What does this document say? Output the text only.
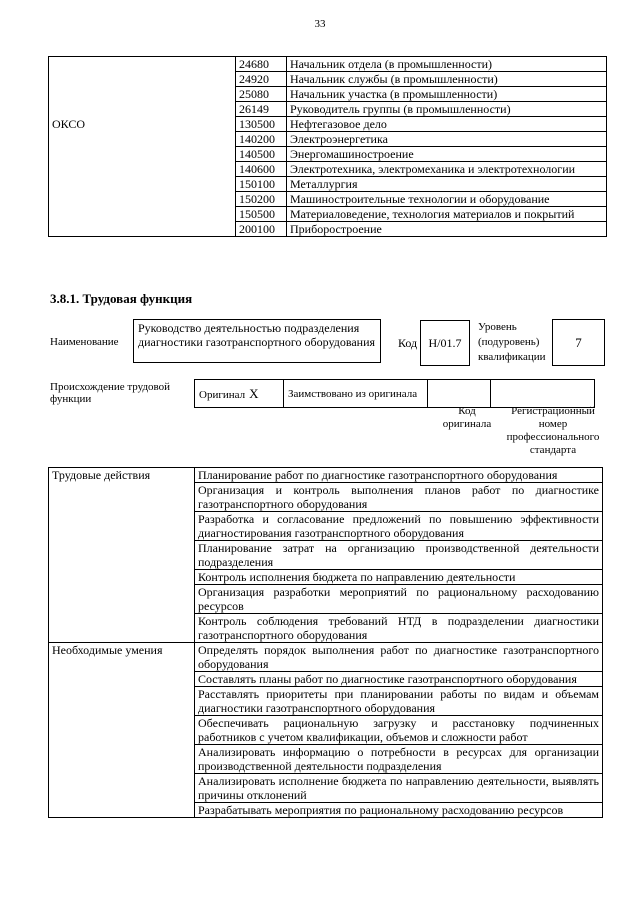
33
	24680	Начальник отдела (в промышленности)
	24920	Начальник службы (в промышленности)
	25080	Начальник участка (в промышленности)
	26149	Руководитель группы (в промышленности)
ОКСО	130500	Нефтегазовое дело
	140200	Электроэнергетика
	140500	Энергомашиностроение
	140600	Электротехника, электромеханика и электротехнологии
	150100	Металлургия
	150200	Машиностроительные технологии и оборудование
	150500	Материаловедение, технология материалов и покрытий
	200100	Приборостроение
3.8.1. Трудовая функция
Наименование
Руководство деятельностью подразделения диагностики газотранспортного оборудования	Код H/01.7
Уровень (подуровень) квалификации
7
Происхождение трудовой функции	Оригинал X	Заимствовано из оригинала		
Код оригинала
Регистрационный номер профессионального стандарта
Трудовые действия	Планирование работ по диагностике газотранспортного оборудования
	Организация и контроль выполнения планов работ по диагностике газотранспортного оборудования
	Разработка и согласование предложений по повышению эффективности диагностирования газотранспортного оборудования
	Планирование затрат на организацию производственной деятельности подразделения
	Контроль исполнения бюджета по направлению деятельности
	Организация разработки мероприятий по рациональному расходованию ресурсов
	Контроль соблюдения требований НТД в подразделении диагностики газотранспортного оборудования
Необходимые умения	Определять порядок выполнения работ по диагностике газотранспортного оборудования
	Составлять планы работ по диагностике газотранспортного оборудования
	Расставлять приоритеты при планировании работы по видам и объемам диагностики газотранспортного оборудования
	Обеспечивать рациональную загрузку и расстановку подчиненных работников с учетом квалификации, объемов и сложности работ
	Анализировать информацию о потребности в ресурсах для организации производственной деятельности подразделения
	Анализировать исполнение бюджета по направлению деятельности, выявлять причины отклонений
	Разрабатывать мероприятия по рациональному расходованию ресурсов
